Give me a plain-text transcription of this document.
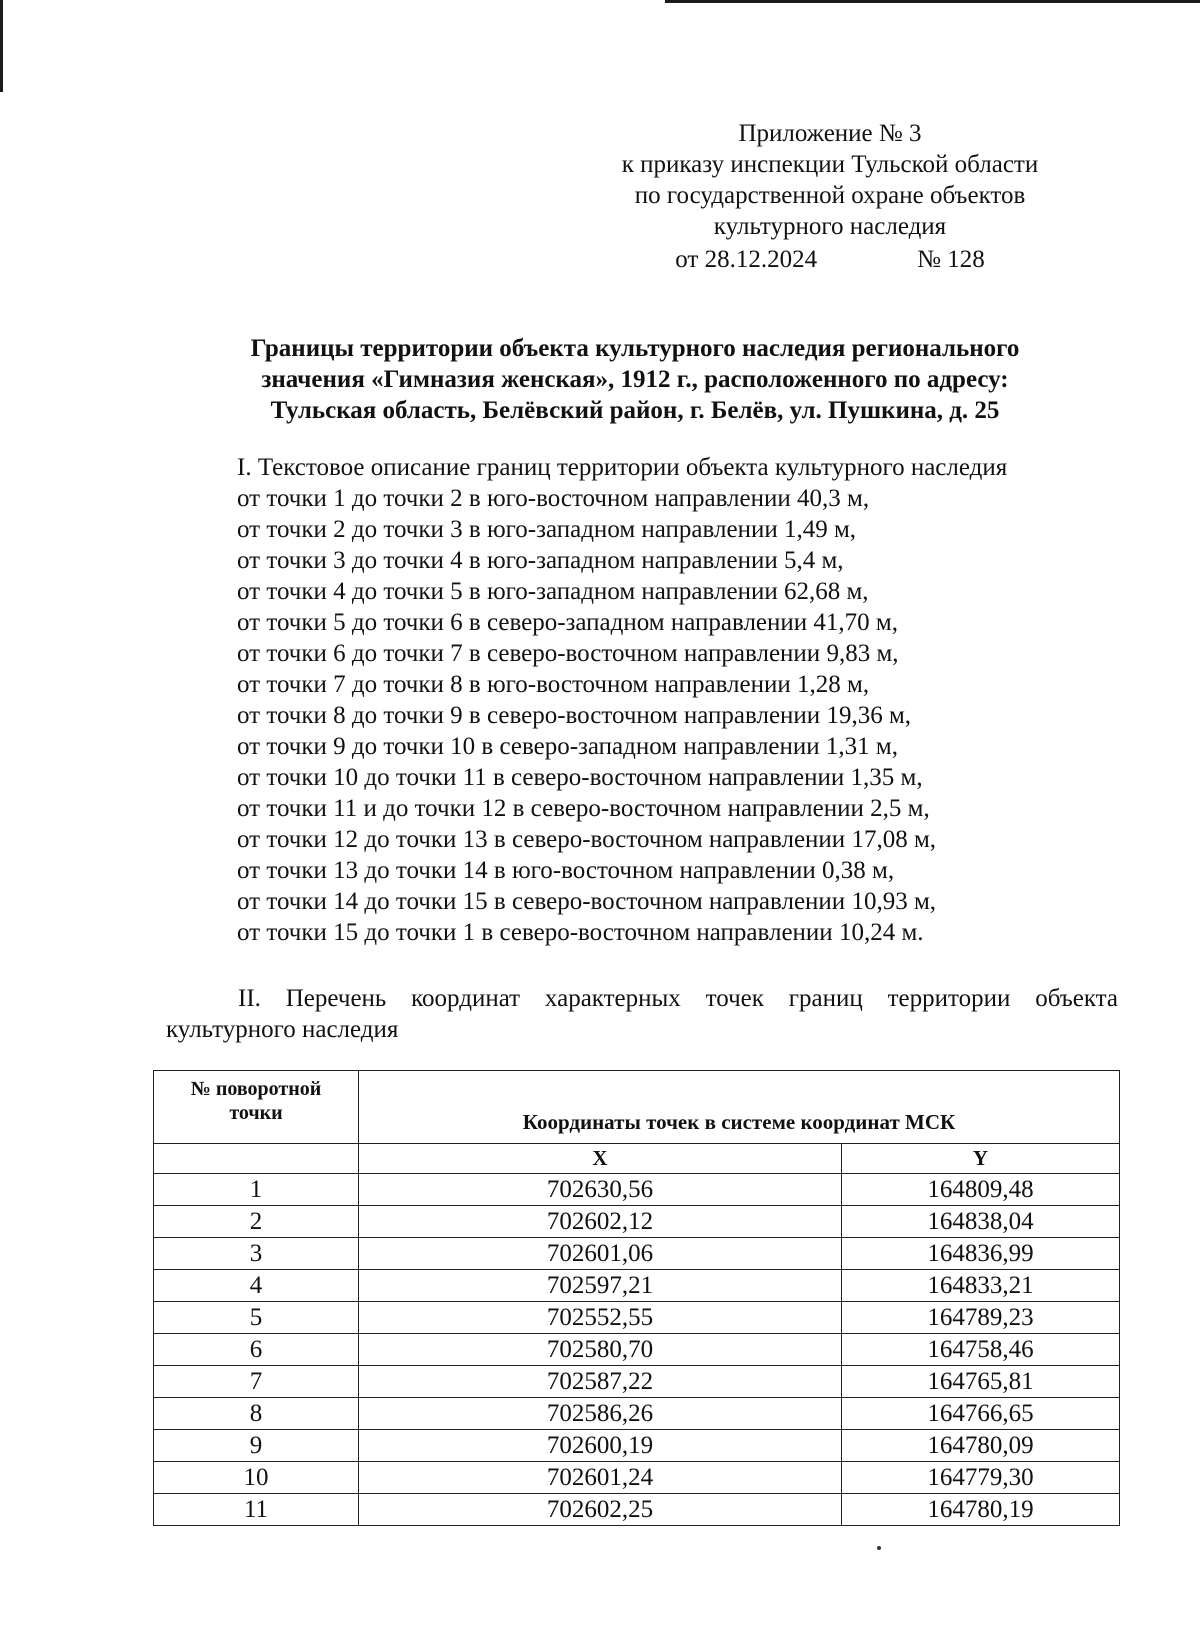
Приложение № 3
к приказу инспекции Тульской области
по государственной охране объектов
культурного наследия
от 28.12.2024	№ 128
Границы территории объекта культурного наследия регионального
значения «Гимназия женская», 1912 г., расположенного по адресу:
Тульская область, Белёвский район, г. Белёв, ул. Пушкина, д. 25
I. Текстовое описание границ территории объекта культурного наследия
от точки 1 до точки 2 в юго-восточном направлении 40,3 м,
от точки 2 до точки 3 в юго-западном направлении 1,49 м,
от точки 3 до точки 4 в юго-западном направлении 5,4 м,
от точки 4 до точки 5 в юго-западном направлении 62,68 м,
от точки 5 до точки 6 в северо-западном направлении 41,70 м,
от точки 6 до точки 7 в северо-восточном направлении 9,83 м,
от точки 7 до точки 8 в юго-восточном направлении 1,28 м,
от точки 8 до точки 9 в северо-восточном направлении 19,36 м,
от точки 9 до точки 10 в северо-западном направлении 1,31 м,
от точки 10 до точки 11 в северо-восточном направлении 1,35 м,
от точки 11 и до точки 12 в северо-восточном направлении 2,5 м,
от точки 12 до точки 13 в северо-восточном направлении 17,08 м,
от точки 13 до точки 14 в юго-восточном направлении 0,38 м,
от точки 14 до точки 15 в северо-восточном направлении 10,93 м,
от точки 15 до точки 1 в северо-восточном направлении 10,24 м.
II. Перечень координат характерных точек границ территории объекта
культурного наследия
№ поворотной
точки	Координаты точек в системе координат МСК	
	X	Y
1	702630,56	164809,48
2	702602,12	164838,04
3	702601,06	164836,99
4	702597,21	164833,21
5	702552,55	164789,23
6	702580,70	164758,46
7	702587,22	164765,81
8	702586,26	164766,65
9	702600,19	164780,09
10	702601,24	164779,30
11	702602,25	164780,19
